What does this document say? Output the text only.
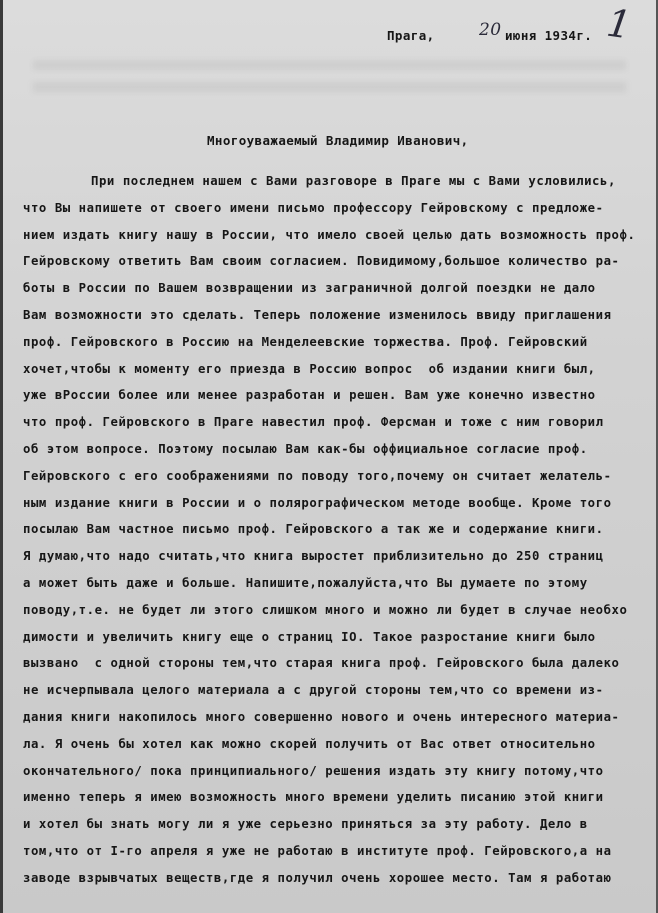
Прага,	20 июня 1934г. 1
Многоуважаемый Владимир Иванович,
При последнем нашем с Вами разговоре в Праге мы с Вами условились,
что Вы напишете от своего имени письмо профессору Гейровскому с предложе-
нием издать книгу нашу в России, что имело своей целью дать возможность проф.
Гейровскому ответить Вам своим согласием. Повидимому,большое количество ра-
боты в России по Вашем возвращении из заграничной долгой поездки не дало
Вам возможности это сделать. Теперь положение изменилось ввиду приглашения
проф. Гейровского в Россию на Менделеевские торжества. Проф. Гейровский
хочет,чтобы к моменту его приезда в Россию вопрос  об издании книги был,
уже вРоссии более или менее разработан и решен. Вам уже конечно известно
что проф. Гейровского в Праге навестил проф. Ферсман и тоже с ним говорил
об этом вопросе. Поэтому посылаю Вам как-бы оффициальное согласие проф.
Гейровского с его соображениями по поводу того,почему он считает желатель-
ным издание книги в России и о полярографическом методе вообще. Кроме того
посылаю Вам частное письмо проф. Гейровского а так же и содержание книги.
Я думаю,что надо считать,что книга выростет приблизительно до 250 страниц
а может быть даже и больше. Напишите,пожалуйста,что Вы думаете по этому
поводу,т.е. не будет ли этого слишком много и можно ли будет в случае необхо
димости и увеличить книгу еще о страниц IO. Такое разростание книги было
вызвано  с одной стороны тем,что старая книга проф. Гейровского была далеко
не исчерпывала целого материала а с другой стороны тем,что со времени из-
дания книги накопилось много совершенно нового и очень интересного материа-
ла. Я очень бы хотел как можно скорей получить от Вас ответ относительно
окончательного/ пока принципиального/ решения издать эту книгу потому,что
именно теперь я имею возможность много времени уделить писанию этой книги
и хотел бы знать могу ли я уже серьезно приняться за эту работу. Дело в
том,что от I-го апреля я уже не работаю в институте проф. Гейровского,а на
заводе взрывчатых веществ,где я получил очень хорошее место. Там я работаю
